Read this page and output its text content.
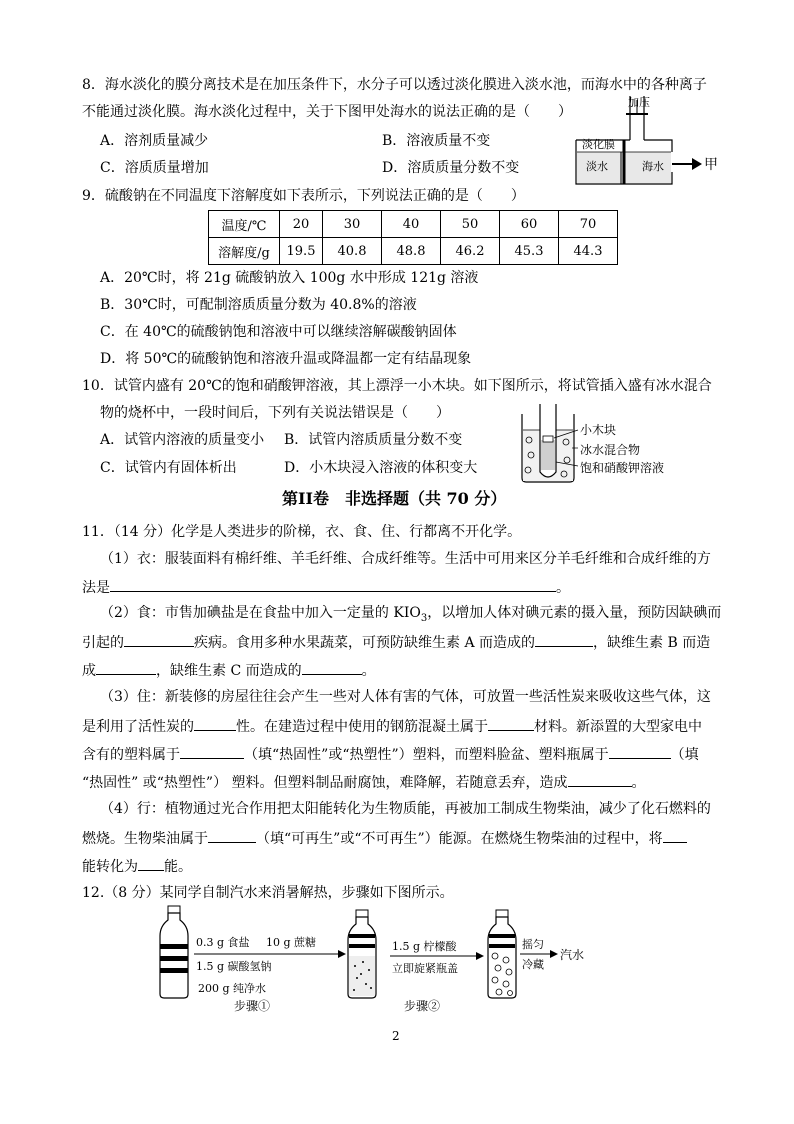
8．海水淡化的膜分离技术是在加压条件下，水分子可以透过淡化膜进入淡水池，而海水中的各种离子
不能通过淡化膜。海水淡化过程中，关于下图甲处海水的说法正确的是（　　）
A．溶剂质量减少	B．溶液质量不变
C．溶质质量增加	D．溶质质量分数不变
加压
淡化膜
淡水	海水	甲
9．硫酸钠在不同温度下溶解度如下表所示，下列说法正确的是（　　）
温度/℃	20	30	40	50	60	70
溶解度/g	19.5	40.8	48.8	46.2	45.3	44.3
A．20℃时，将 21g 硫酸钠放入 100g 水中形成 121g 溶液
B．30℃时，可配制溶质质量分数为 40.8%的溶液
C．在 40℃的硫酸钠饱和溶液中可以继续溶解碳酸钠固体
D．将 50℃的硫酸钠饱和溶液升温或降温都一定有结晶现象
10．试管内盛有 20℃的饱和硝酸钾溶液，其上漂浮一小木块。如下图所示，将试管插入盛有冰水混合
物的烧杯中，一段时间后，下列有关说法错误是（　　）
A．试管内溶液的质量变小 B．试管内溶质质量分数不变
C．试管内有固体析出	D．小木块浸入溶液的体积变大
小木块
冰水混合物
饱和硝酸钾溶液
第II卷　非选择题（共 70 分）
11．（14 分）化学是人类进步的阶梯，衣、食、住、行都离不开化学。
（1）衣：服装面料有棉纤维、羊毛纤维、合成纤维等。生活中可用来区分羊毛纤维和合成纤维的方
法是	。
（2）食：市售加碘盐是在食盐中加入一定量的 $KIO_3$，以增加人体对碘元素的摄入量，预防因缺碘而
引起的	疾病。食用多种水果蔬菜，可预防缺维生素 A 而造成的	，缺维生素 B 而造
成	，缺维生素 C 而造成的	。
（3）住：新装修的房屋往往会产生一些对人体有害的气体，可放置一些活性炭来吸收这些气体，这
是利用了活性炭的	性。在建造过程中使用的钢筋混凝土属于	材料。新添置的大型家电中
含有的塑料属于	（填“热固性”或“热塑性”）塑料，而塑料脸盆、塑料瓶属于	（填
“热固性” 或“热塑性”） 塑料。但塑料制品耐腐蚀，难降解，若随意丢弃，造成	。
（4）行：植物通过光合作用把太阳能转化为生物质能，再被加工制成生物柴油，减少了化石燃料的
燃烧。生物柴油属于	（填“可再生”或“不可再生”）能源。在燃烧生物柴油的过程中，将
能转化为 能。
12.（8 分）某同学自制汽水来消暑解热，步骤如下图所示。
0.3 g 食盐 10 g 蔗糖
1.5 g 碳酸氢钠
200 g 纯净水
步骤①
1.5 g 柠檬酸
立即旋紧瓶盖
步骤②
摇匀
冷藏
汽水
2
